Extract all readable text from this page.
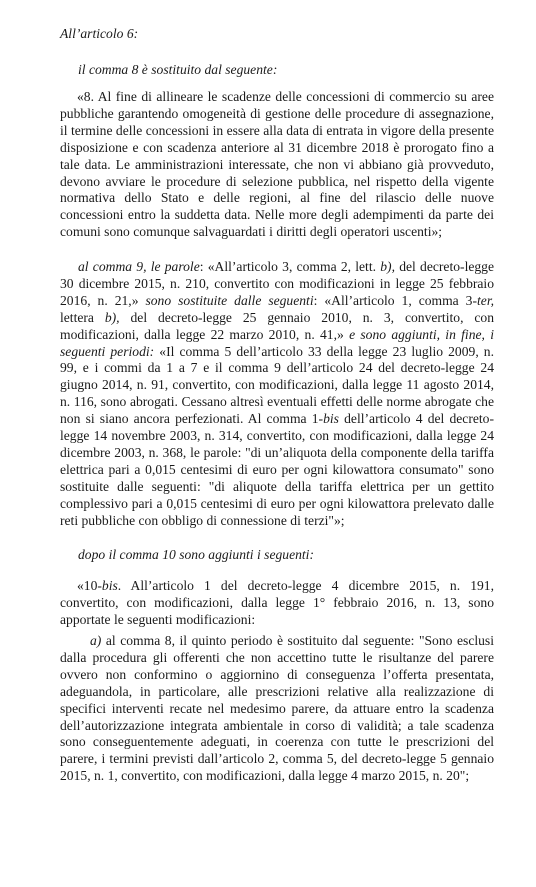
All’articolo 6:

il comma 8 è sostituito dal seguente:

«8. Al fine di allineare le scadenze delle concessioni di commercio su aree pubbliche garantendo omogeneità di gestione delle procedure di assegnazione, il termine delle concessioni in essere alla data di entrata in vigore della presente disposizione e con scadenza anteriore al 31 dicembre 2018 è prorogato fino a tale data. Le amministrazioni interessate, che non vi abbiano già provveduto, devono avviare le procedure di selezione pubblica, nel rispetto della vigente normativa dello Stato e delle regioni, al fine del rilascio delle nuove concessioni entro la suddetta data. Nelle more degli adempimenti da parte dei comuni sono comunque salvaguardati i diritti degli operatori uscenti»;

al comma 9, le parole: «All’articolo 3, comma 2, lett. b), del decreto-legge 30 dicembre 2015, n. 210, convertito con modificazioni in legge 25 febbraio 2016, n. 21,» sono sostituite dalle seguenti: «All’articolo 1, comma 3-ter, lettera b), del decreto-legge 25 gennaio 2010, n. 3, convertito, con modificazioni, dalla legge 22 marzo 2010, n. 41,» e sono aggiunti, in fine, i seguenti periodi: «Il comma 5 dell’articolo 33 della legge 23 luglio 2009, n. 99, e i commi da 1 a 7 e il comma 9 dell’articolo 24 del decreto-legge 24 giugno 2014, n. 91, convertito, con modificazioni, dalla legge 11 agosto 2014, n. 116, sono abrogati. Cessano altresì eventuali effetti delle norme abrogate che non si siano ancora perfezionati. Al comma 1-bis dell’articolo 4 del decreto-legge 14 novembre 2003, n. 314, convertito, con modificazioni, dalla legge 24 dicembre 2003, n. 368, le parole: "di un’aliquota della componente della tariffa elettrica pari a 0,015 centesimi di euro per ogni kilowattora consumato" sono sostituite dalle seguenti: "di aliquote della tariffa elettrica per un gettito complessivo pari a 0,015 centesimi di euro per ogni kilowattora prelevato dalle reti pubbliche con obbligo di connessione di terzi"»;

dopo il comma 10 sono aggiunti i seguenti:

«10-bis. All’articolo 1 del decreto-legge 4 dicembre 2015, n. 191, convertito, con modificazioni, dalla legge 1° febbraio 2016, n. 13, sono apportate le seguenti modificazioni:

a) al comma 8, il quinto periodo è sostituito dal seguente: "Sono esclusi dalla procedura gli offerenti che non accettino tutte le risultanze del parere ovvero non conformino o aggiornino di conseguenza l’offerta presentata, adeguandola, in particolare, alle prescrizioni relative alla realizzazione di specifici interventi recate nel medesimo parere, da attuare entro la scadenza dell’autorizzazione integrata ambientale in corso di validità; a tale scadenza sono conseguentemente adeguati, in coerenza con tutte le prescrizioni del parere, i termini previsti dall’articolo 2, comma 5, del decreto-legge 5 gennaio 2015, n. 1, convertito, con modificazioni, dalla legge 4 marzo 2015, n. 20";
